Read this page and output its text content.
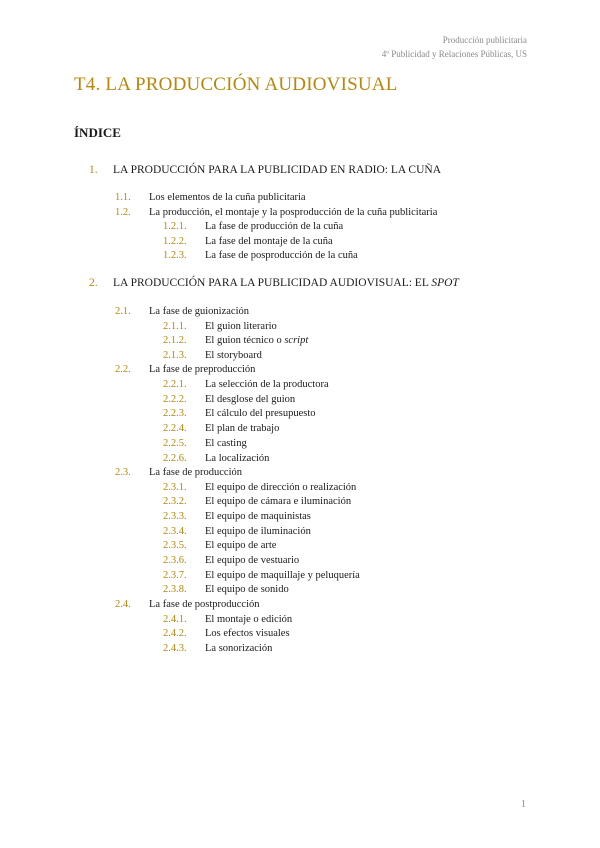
Producción publicitaria
4º Publicidad y Relaciones Públicas, US
T4. LA PRODUCCIÓN AUDIOVISUAL
ÍNDICE
1. LA PRODUCCIÓN PARA LA PUBLICIDAD EN RADIO: LA CUÑA
1.1. Los elementos de la cuña publicitaria
1.2. La producción, el montaje y la posproducción de la cuña publicitaria
1.2.1. La fase de producción de la cuña
1.2.2. La fase del montaje de la cuña
1.2.3. La fase de posproducción de la cuña
2. LA PRODUCCIÓN PARA LA PUBLICIDAD AUDIOVISUAL: EL SPOT
2.1. La fase de guionización
2.1.1. El guion literario
2.1.2. El guion técnico o script
2.1.3. El storyboard
2.2. La fase de preproducción
2.2.1. La selección de la productora
2.2.2. El desglose del guion
2.2.3. El cálculo del presupuesto
2.2.4. El plan de trabajo
2.2.5. El casting
2.2.6. La localización
2.3. La fase de producción
2.3.1. El equipo de dirección o realización
2.3.2. El equipo de cámara e iluminación
2.3.3. El equipo de maquinistas
2.3.4. El equipo de iluminación
2.3.5. El equipo de arte
2.3.6. El equipo de vestuario
2.3.7. El equipo de maquillaje y peluquería
2.3.8. El equipo de sonido
2.4. La fase de postproducción
2.4.1. El montaje o edición
2.4.2. Los efectos visuales
2.4.3. La sonorización
1
